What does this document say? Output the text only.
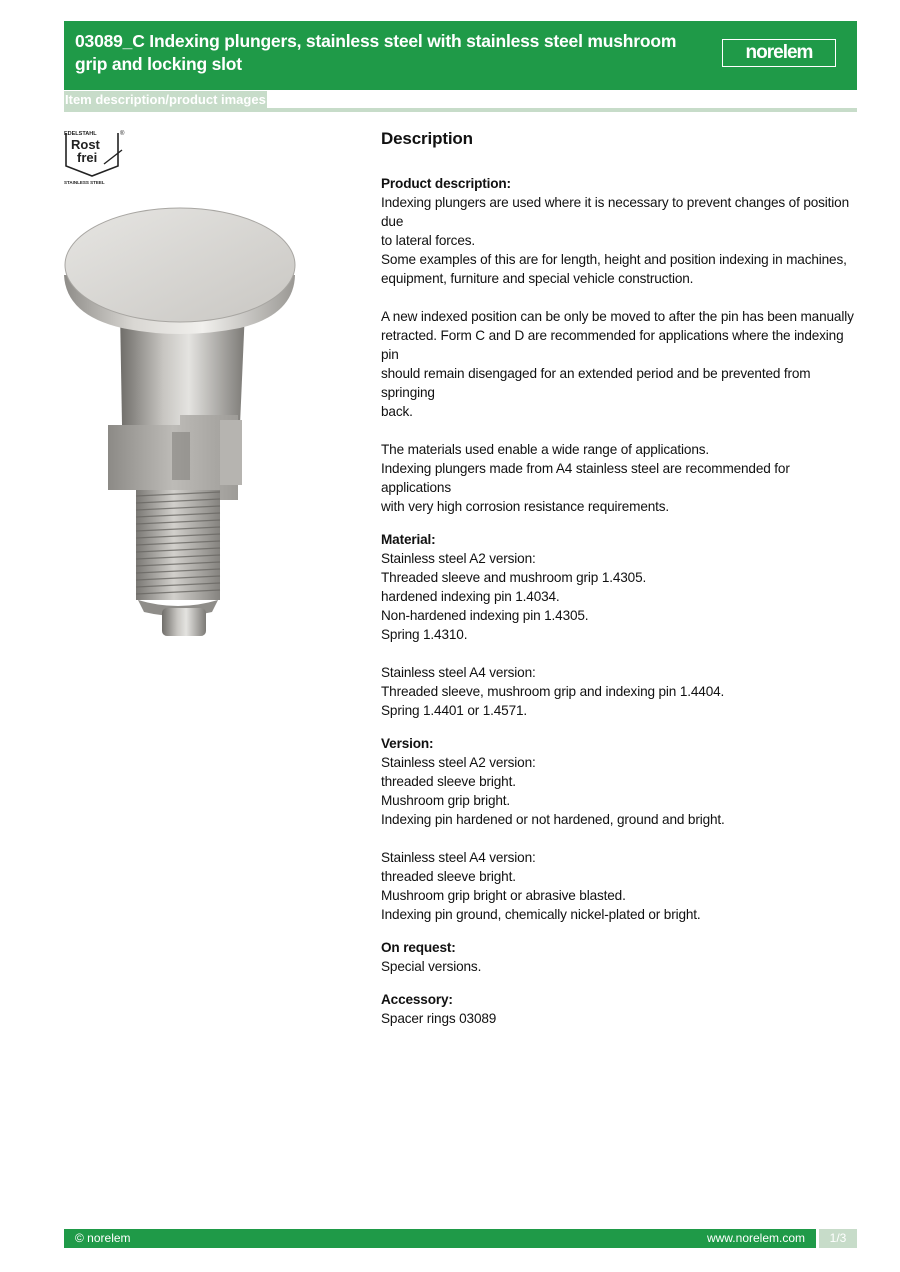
03089_C Indexing plungers, stainless steel with stainless steel mushroom grip and locking slot
norelem
Item description/product images
EDELSTAHL	®
Rost
frei
STAINLESS STEEL
Description
Product description:
Indexing plungers are used where it is necessary to prevent changes of position due
to lateral forces.
Some examples of this are for length, height and position indexing in machines,
equipment, furniture and special vehicle construction.
A new indexed position can be only be moved to after the pin has been manually
retracted. Form C and D are recommended for applications where the indexing pin
should remain disengaged for an extended period and be prevented from springing
back.
The materials used enable a wide range of applications.
Indexing plungers made from A4 stainless steel are recommended for applications
with very high corrosion resistance requirements.
Material:
Stainless steel A2 version:
Threaded sleeve and mushroom grip 1.4305.
hardened indexing pin 1.4034.
Non-hardened indexing pin 1.4305.
Spring 1.4310.
Stainless steel A4 version:
Threaded sleeve, mushroom grip and indexing pin 1.4404.
Spring 1.4401 or 1.4571.
Version:
Stainless steel A2 version:
threaded sleeve bright.
Mushroom grip bright.
Indexing pin hardened or not hardened, ground and bright.
Stainless steel A4 version:
threaded sleeve bright.
Mushroom grip bright or abrasive blasted.
Indexing pin ground, chemically nickel-plated or bright.
On request:
Special versions.
Accessory:
Spacer rings 03089
© norelem	www.norelem.com	1/3
